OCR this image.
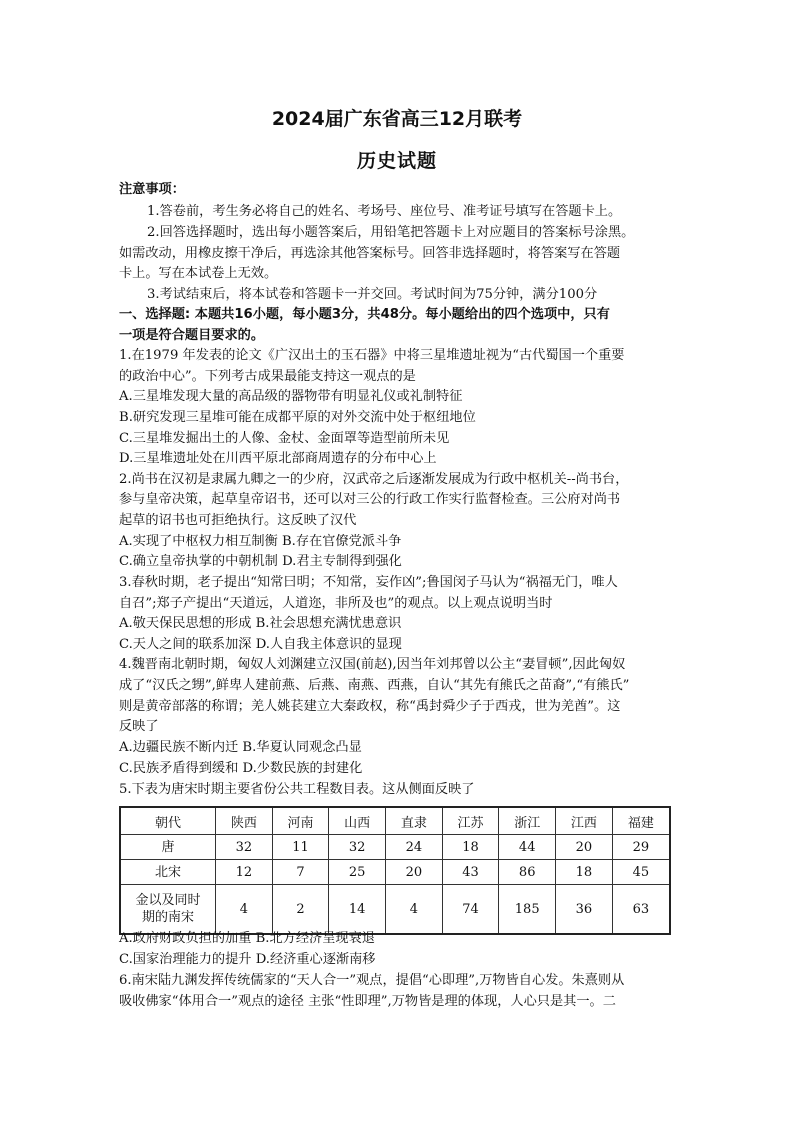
2024届广东省高三12月联考
历史试题
注意事项：
1.答卷前，考生务必将自己的姓名、考场号、座位号、准考证号填写在答题卡上。
2.回答选择题时，选出每小题答案后，用铅笔把答题卡上对应题目的答案标号涂黑。
如需改动，用橡皮擦干净后，再选涂其他答案标号。回答非选择题时，将答案写在答题
卡上。写在本试卷上无效。
3.考试结束后，将本试卷和答题卡一并交回。考试时间为75分钟，满分100分
一、选择题: 本题共16小题，每小题3分，共48分。每小题给出的四个选项中，只有
一项是符合题目要求的。
1.在1979 年发表的论文《广汉出土的玉石器》中将三星堆遗址视为“古代蜀国一个重要
的政治中心”。下列考古成果最能支持这一观点的是
A.三星堆发现大量的高品级的器物带有明显礼仪或礼制特征
B.研究发现三星堆可能在成都平原的对外交流中处于枢纽地位
C.三星堆发掘出土的人像、金杖、金面罩等造型前所未见
D.三星堆遗址处在川西平原北部商周遗存的分布中心上
2.尚书在汉初是隶属九卿之一的少府，汉武帝之后逐渐发展成为行政中枢机关--尚书台，
参与皇帝决策，起草皇帝诏书，还可以对三公的行政工作实行监督检查。三公府对尚书
起草的诏书也可拒绝执行。这反映了汉代
A.实现了中枢权力相互制衡 B.存在官僚党派斗争
C.确立皇帝执掌的中朝机制 D.君主专制得到强化
3.春秋时期，老子提出“知常曰明；不知常，妄作凶”;鲁国闵子马认为“祸福无门，唯人
自召”;郑子产提出“天道远，人道迩，非所及也”的观点。以上观点说明当时
A.敬天保民思想的形成 B.社会思想充满忧患意识
C.天人之间的联系加深 D.人自我主体意识的显现
4.魏晋南北朝时期，匈奴人刘渊建立汉国(前赵),因当年刘邦曾以公主“妻冒顿”,因此匈奴
成了“汉氏之甥”,鲜卑人建前燕、后燕、南燕、西燕，自认“其先有熊氏之苗裔”,“有熊氏”
则是黄帝部落的称谓；羌人姚苌建立大秦政权，称“禹封舜少子于西戎，世为羌酋”。这
反映了
A.边疆民族不断内迁 B.华夏认同观念凸显
C.民族矛盾得到缓和 D.少数民族的封建化
5.下表为唐宋时期主要省份公共工程数目表。这从侧面反映了
朝代	陕西	河南	山西	直隶	江苏	浙江	江西	福建
唐	32	11	32	24	18	44	20	29
北宋	12	7	25	20	43	86	18	45
金以及同时
期的南宋	4	2	14	4	74	185	36	63
A.政府财政负担的加重 B.北方经济呈现衰退
C.国家治理能力的提升 D.经济重心逐渐南移
6.南宋陆九渊发挥传统儒家的“天人合一”观点，提倡“心即理”,万物皆自心发。朱熹则从
吸收佛家“体用合一”观点的途径 主张“性即理”,万物皆是理的体现，人心只是其一。二
